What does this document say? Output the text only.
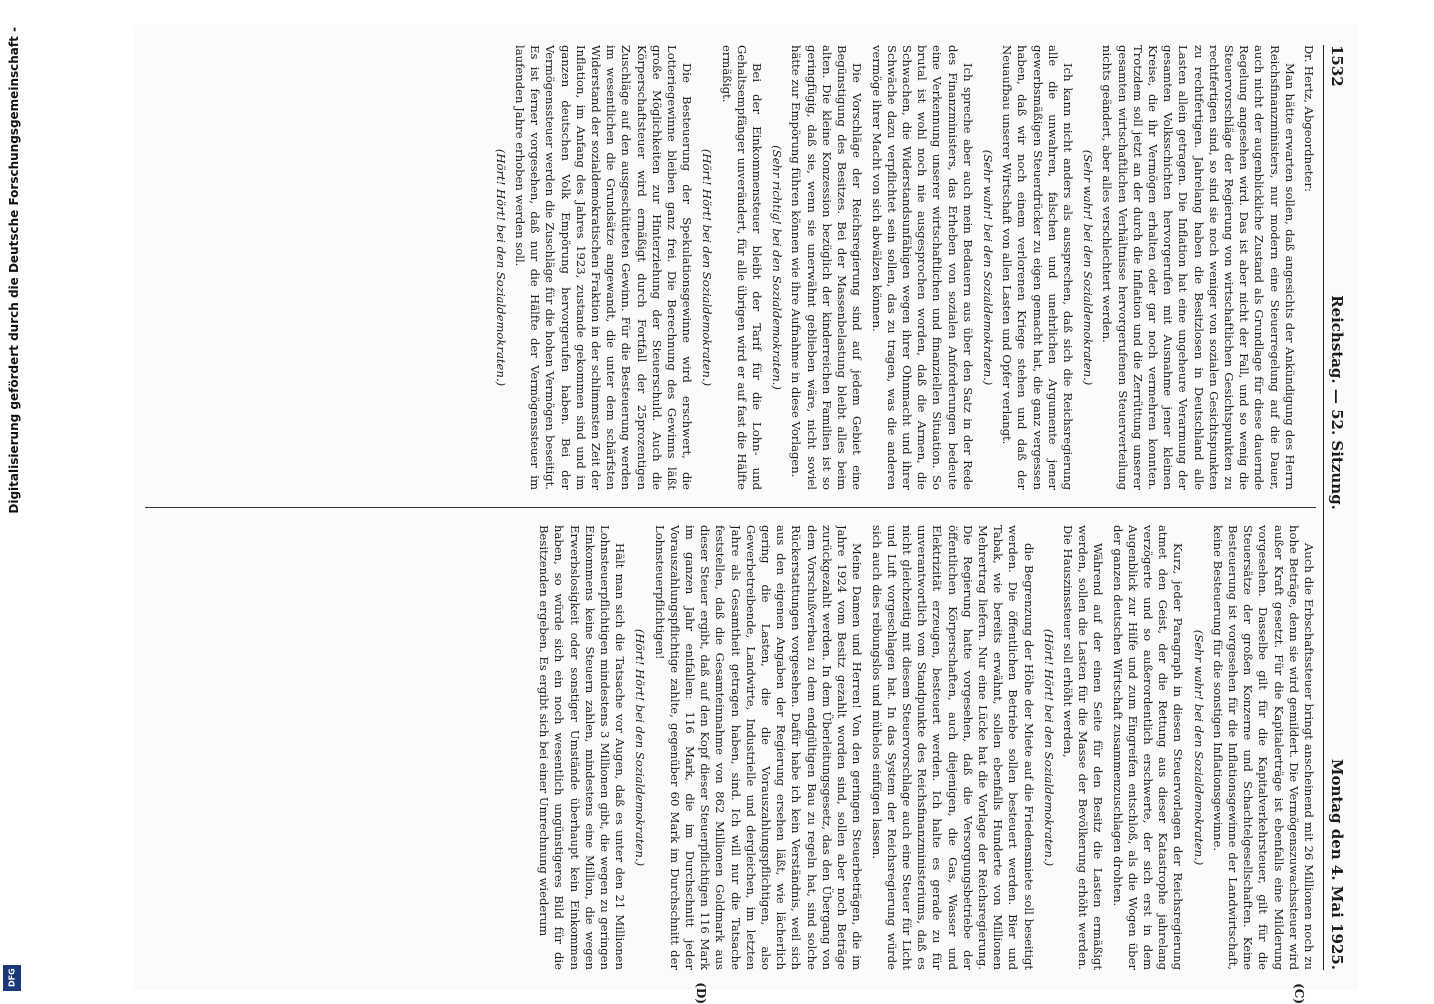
1532
Reichstag. — 52. Sitzung.
Montag den 4. Mai 1925.

Dr. Hertz, Abgeordneter:

Man hätte erwarten sollen, daß angesichts der Ankündigung des Herrn Reichsfinanzministers, nur modern eine Steuerregelung auf die Dauer, auch nicht der augenblickliche Zustand als Grundlage für diese dauernde Regelung angesehen wird. Das ist aber nicht der Fall, und so wenig die Steuervorschläge der Regierung von wirtschaftlichen Gesichtspunkten zu rechtfertigen sind, so sind sie noch weniger von sozialen Gesichtspunkten zu rechtfertigen. Jahrelang haben die Besitzlosen in Deutschland alle Lasten allein getragen. Die Inflation hat eine ungeheure Verarmung der gesamten Volksschichten hervorgerufen mit Ausnahme jener kleinen Kreise, die ihr Vermögen erhalten oder gar noch vermehren konnten. Trotzdem soll jetzt an der durch die Inflation und die Zerrüttung unserer gesamten wirtschaftlichen Verhältnisse hervorgerufenen Steuerverteilung nichts geändert, aber alles verschlechtert werden.

(Sehr wahr! bei den Sozialdemokraten.)

Ich kann nicht anders als aussprechen, daß sich die Reichsregierung alle die unwahren, falschen und unehrlichen Argumente jener gewerbsmäßigen Steuerdrücker zu eigen gemacht hat, die ganz vergessen haben, daß wir noch einem verlorenen Kriege stehen und daß der Neuaufbau unserer Wirtschaft von allen Lasten und Opfer verlangt.

(Sehr wahr! bei den Sozialdemokraten.)

Ich spreche aber auch mein Bedauern aus über den Satz in der Rede des Finanzministers, das Erheben von sozialen Anforderungen bedeute eine Verkennung unserer wirtschaftlichen und finanziellen Situation. So brutal ist wohl noch nie ausgesprochen worden, daß die Armen, die Schwachen, die Widerstandsunfähigen wegen ihrer Ohnmacht und ihrer Schwäche dazu verpflichtet sein sollen, das zu tragen, was die anderen vermöge ihrer Macht von sich abwälzen können.

Die Vorschläge der Reichsregierung sind auf jedem Gebiet eine Begünstigung des Besitzes. Bei der Massenbelastung bleibt alles beim alten. Die kleine Konzession bezüglich der kinderreichen Familien ist so geringfügig, daß sie, wenn sie unerwähnt geblieben wäre, nicht soviel hätte zur Empörung führen können wie ihre Aufnahme in diese Vorlagen.

(Sehr richtig! bei den Sozialdemokraten.)

Bei der Einkommensteuer bleibt der Tarif für die Lohn- und Gehaltsempfänger unverändert, für alle übrigen wird er auf fast die Hälfte ermäßigt.

(Hört! Hört! bei den Sozialdemokraten.)

Die Besteuerung der Spekulationsgewinne wird erschwert, die Lotteriegewinne bleiben ganz frei. Die Berechnung des Gewinns läßt große Möglichkeiten zur Hinterziehung der Steuerschuld. Auch die Körperschaftsteuer wird ermäßigt durch Fortfall der 25prozentigen Zuschläge auf den ausgeschütteten Gewinn. Für die Besteuerung werden im wesentlichen die Grundsätze angewandt, die unter dem schärfsten Widerstand der sozialdemokratischen Fraktion in der schlimmsten Zeit der Inflation, im Anfang des Jahres 1923, zustande gekommen sind und im ganzen deutschen Volk Empörung hervorgerufen haben. Bei der Vermögenssteuer werden die Zuschläge für die hohen Vermögen beseitigt. Es ist ferner vorgesehen, daß nur die Hälfte der Vermögenssteuer im laufenden Jahre erhoben werden soll.

(Hört! Hört! bei den Sozialdemokraten.)

Auch die Erbschaftssteuer bringt anscheinend mit 26 Millionen noch zu hohe Beträge, denn sie wird gemildert. Die Vermögenszuwachssteuer wird außer Kraft gesetzt. Für die Kapitalerträge ist ebenfalls eine Milderung vorgesehen. Dasselbe gilt für die Kapitalverkehrsteuer, gilt für die Steuersätze der großen Konzerne und Schachtelgesellschaften. Keine Besteuerung ist vorgesehen für die Inflationsgewinne der Landwirtschaft, keine Besteuerung für die sonstigen Inflationsgewinne.

(Sehr wahr! bei den Sozialdemokraten.)

Kurz, jeder Paragraph in diesen Steuervorlagen der Reichsregierung atmet den Geist, der die Rettung aus dieser Katastrophe jahrelang verzögerte und so außerordentlich erschwerte, der sich erst in dem Augenblick zur Hilfe und zum Eingreifen entschloß, als die Wogen über der ganzen deutschen Wirtschaft zusammenzuschlagen drohten.

Während auf der einen Seite für den Besitz die Lasten ermäßigt werden, sollen die Lasten für die Masse der Bevölkerung erhöht werden. Die Hauszinssteuer soll erhöht werden,

(Hört! Hört! bei den Sozialdemokraten.)

die Begrenzung der Höhe der Miete auf die Friedensmiete soll beseitigt werden. Die öffentlichen Betriebe sollen besteuert werden. Bier und Tabak, wie bereits erwähnt, sollen ebenfalls Hunderte von Millionen Mehrertrag liefern. Nur eine Lücke hat die Vorlage der Reichsregierung. Die Regierung hatte vorgesehen, daß die Versorgungsbetriebe der öffentlichen Körperschaften, auch diejenigen, die Gas, Wasser und Elektrizität erzeugen, besteuert werden. Ich halte es gerade zu für unverantwortlich vom Standpunkte des Reichsfinanzministeriums, daß es nicht gleichzeitig mit diesem Steuervorschlage auch eine Steuer für Licht und Luft vorgeschlagen hat. In das System der Reichsregierung würde sich auch dies reibungslos und mühelos einfügen lassen.

Meine Damen und Herren! Von den geringen Steuerbeträgen, die im Jahre 1924 vom Besitz gezahlt worden sind, sollen aber noch Beträge zurückgezahlt werden. In dem Überleitungsgesetz, das den Übergang von dem Vorschußverbau zu dem endgültigen Bau zu regeln hat, sind solche Rückerstattungen vorgesehen. Dafür habe ich kein Verständnis, weil sich aus den eigenen Angaben der Regierung ersehen läßt, wie lächerlich gering die Lasten, die die Vorauszahlungspflichtigen, also Gewerbetreibende, Landwirte, Industrielle und dergleichen, im letzten Jahre als Gesamtheit getragen haben, sind. Ich will nur die Tatsache feststellen, daß die Gesamteinnahme von 862 Millionen Goldmark aus dieser Steuer ergibt, daß auf den Kopf dieser Steuerpflichtigen 116 Mark im ganzen Jahr entfallen: 116 Mark, die im Durchschnitt jeder Vorauszahlungspflichtige zahlte, gegenüber 60 Mark im Durchschnitt der Lohnsteuerpflichtigen!

(Hört! Hört! bei den Sozialdemokraten.)

Hält man sich die Tatsache vor Augen, daß es unter den 21 Millionen Lohnsteuerpflichtigen mindestens 3 Millionen gibt, die wegen zu geringen Einkommens keine Steuern zahlen, mindestens eine Million, die wegen Erwerbslosigkeit oder sonstiger Umstände überhaupt kein Einkommen haben, so würde sich ein noch wesentlich ungünstigeres Bild für die Besitzenden ergeben. Es ergibt sich bei einer Umrechnung wiederum

(C)
(D)
Digitalisierung gefördert durch die Deutsche Forschungsgemeinschaft -
DFG
